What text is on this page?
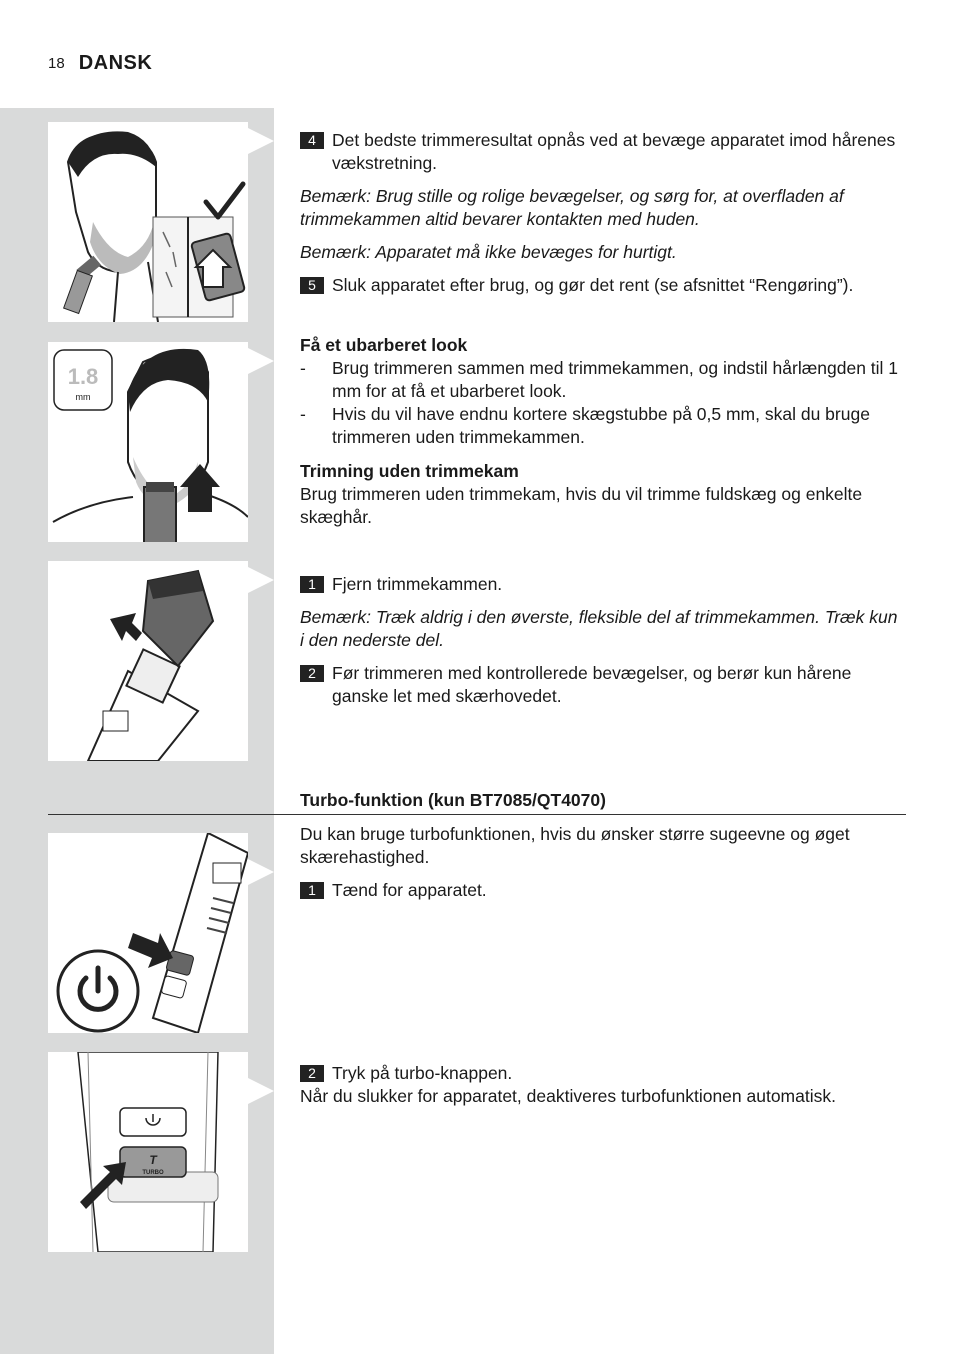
18 DANSK
1.8
mm
T
TURBO
4 Det bedste trimmeresultat opnås ved at bevæge apparatet imod hårenes vækstretning.

Bemærk: Brug stille og rolige bevægelser, og sørg for, at overfladen af trimmekammen altid bevarer kontakten med huden.

Bemærk: Apparatet må ikke bevæges for hurtigt.

5 Sluk apparatet efter brug, og gør det rent (se afsnittet “Rengøring”).

Få et ubarberet look

-	Brug trimmeren sammen med trimmekammen, og indstil hårlængden til 1 mm for at få et ubarberet look.
-	Hvis du vil have endnu kortere skægstubbe på 0,5 mm, skal du bruge trimmeren uden trimmekammen.

Trimning uden trimmekam

Brug trimmeren uden trimmekam, hvis du vil trimme fuldskæg og enkelte skæghår.

1 Fjern trimmekammen.

Bemærk: Træk aldrig i den øverste, fleksible del af trimmekammen. Træk kun i den nederste del.

2 Før trimmeren med kontrollerede bevægelser, og berør kun hårene ganske let med skærhovedet.

Turbo-funktion (kun BT7085/QT4070)

Du kan bruge turbofunktionen, hvis du ønsker større sugeevne og øget skærehastighed.

1 Tænd for apparatet.
2 Tryk på turbo-knappen.

Når du slukker for apparatet, deaktiveres turbofunktionen automatisk.
